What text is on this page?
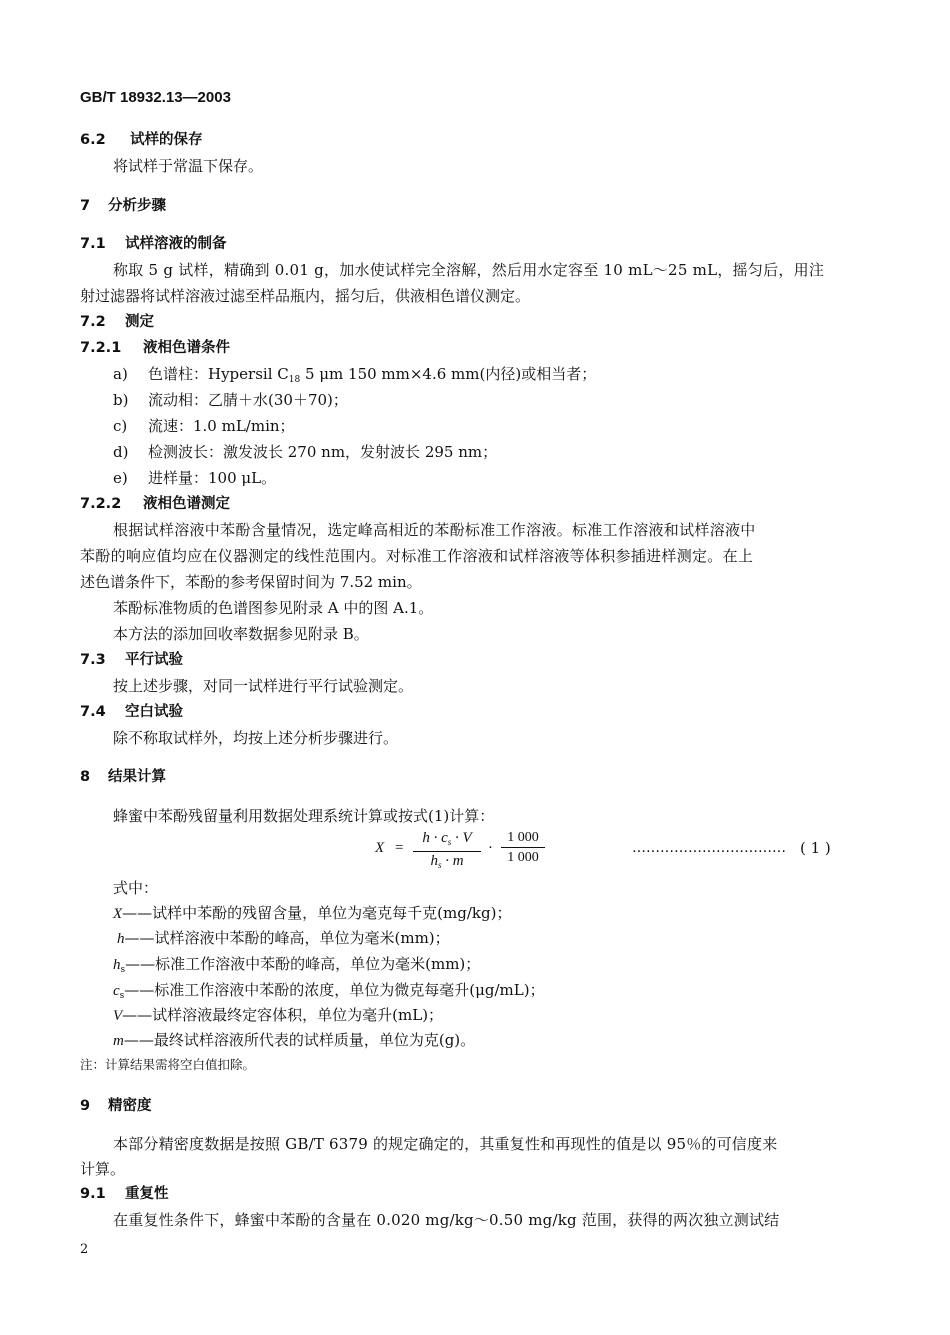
GB/T 18932.13—2003
6.2 试样的保存
将试样于常温下保存。
7 分析步骤
7.1 试样溶液的制备
称取 5 g 试样，精确到 0.01 g，加水使试样完全溶解，然后用水定容至 10 mL～25 mL，摇匀后，用注
射过滤器将试样溶液过滤至样品瓶内，摇匀后，供液相色谱仪测定。
7.2 测定
7.2.1 液相色谱条件
a) 色谱柱：Hypersil $C_{18}$ 5 μm 150 mm×4.6 mm(内径)或相当者；
b) 流动相：乙腈＋水(30＋70)；
c) 流速：1.0 mL/min；
d) 检测波长：激发波长 270 nm，发射波长 295 nm；
e) 进样量：100 μL。
7.2.2 液相色谱测定
根据试样溶液中苯酚含量情况，选定峰高相近的苯酚标准工作溶液。标准工作溶液和试样溶液中
苯酚的响应值均应在仪器测定的线性范围内。对标准工作溶液和试样溶液等体积参插进样测定。在上
述色谱条件下，苯酚的参考保留时间为 7.52 min。
苯酚标准物质的色谱图参见附录 A 中的图 A.1。
本方法的添加回收率数据参见附录 B。
7.3 平行试验
按上述步骤，对同一试样进行平行试验测定。
7.4 空白试验
除不称取试样外，均按上述分析步骤进行。
8 结果计算
蜂蜜中苯酚残留量利用数据处理系统计算或按式(1)计算：
$X = \frac{h \cdot c_s \cdot V}{h_s \cdot m} \cdot \frac{1 000}{1 000}$	…………………………… ( 1 )
式中：
X——试样中苯酚的残留含量，单位为毫克每千克(mg/kg)；
h——试样溶液中苯酚的峰高，单位为毫米(mm)；
$h_s——$标准工作溶液中苯酚的峰高，单位为毫米(mm)；
$c_s——$标准工作溶液中苯酚的浓度，单位为微克每毫升(μg/mL)；
V——试样溶液最终定容体积，单位为毫升(mL)；
m——最终试样溶液所代表的试样质量，单位为克(g)。
注：计算结果需将空白值扣除。
9 精密度
本部分精密度数据是按照 GB/T 6379 的规定确定的，其重复性和再现性的值是以 95％的可信度来
计算。
9.1 重复性
在重复性条件下，蜂蜜中苯酚的含量在 0.020 mg/kg～0.50 mg/kg 范围，获得的两次独立测试结
2
